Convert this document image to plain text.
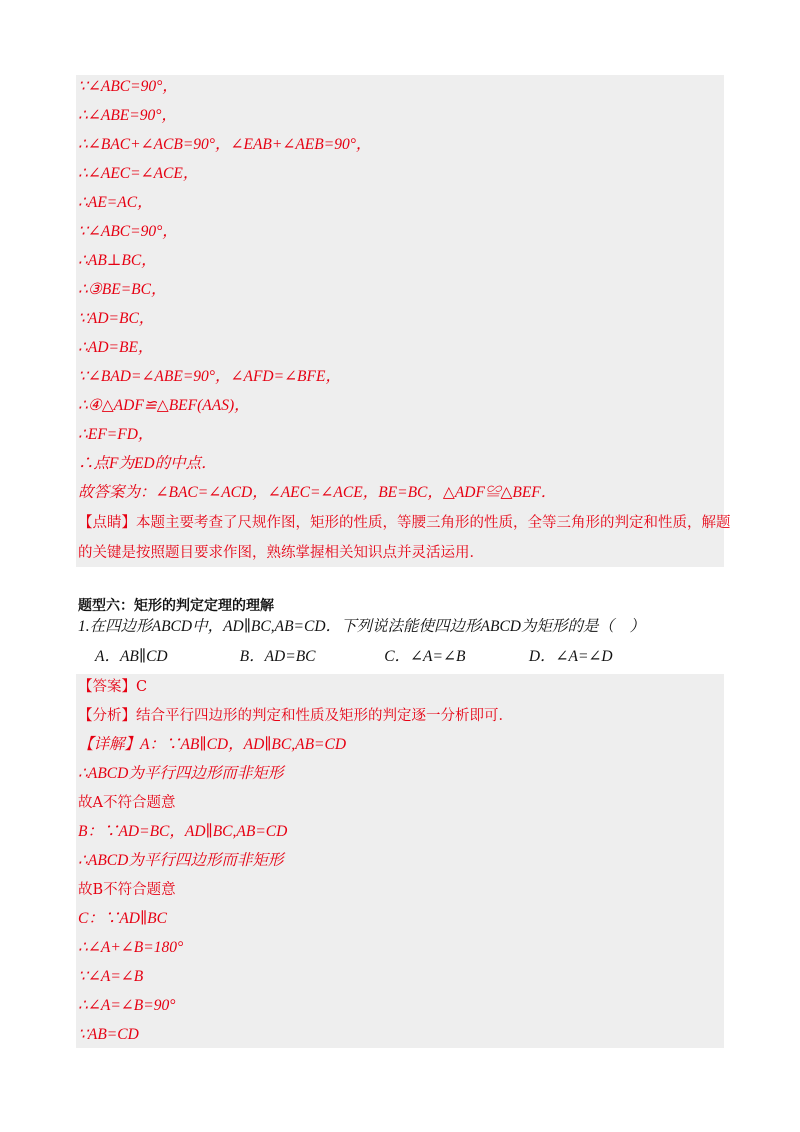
∵∠ABC=90°，
∴∠ABE=90°，
∴∠BAC+∠ACB=90°，∠EAB+∠AEB=90°，
∴∠AEC=∠ACE，
∴AE=AC，
∵∠ABC=90°，
∴AB⊥BC，
∴③BE=BC，
∵AD=BC，
∴AD=BE，
∵∠BAD=∠ABE=90°，∠AFD=∠BFE，
∴④△ADF≌△BEF(AAS)，
∴EF=FD，
∴点F为ED的中点．
故答案为：∠BAC=∠ACD，∠AEC=∠ACE，BE=BC，△ADF≌△BEF．
【点睛】本题主要考查了尺规作图，矩形的性质，等腰三角形的性质，全等三角形的判定和性质，解题
的关键是按照题目要求作图，熟练掌握相关知识点并灵活运用．
题型六：矩形的判定定理的理解
1.在四边形ABCD中，AD∥BC,AB=CD．下列说法能使四边形ABCD为矩形的是（　）
A．AB∥CD	B．AD=BC	C．∠A=∠B	D．∠A=∠D
【答案】C
【分析】结合平行四边形的判定和性质及矩形的判定逐一分析即可．
【详解】A：∵AB∥CD，AD∥BC,AB=CD
∴ABCD为平行四边形而非矩形
故A不符合题意
B：∵AD=BC，AD∥BC,AB=CD
∴ABCD为平行四边形而非矩形
故B不符合题意
C：∵AD∥BC
∴∠A+∠B=180°
∵∠A=∠B
∴∠A=∠B=90°
∵AB=CD
